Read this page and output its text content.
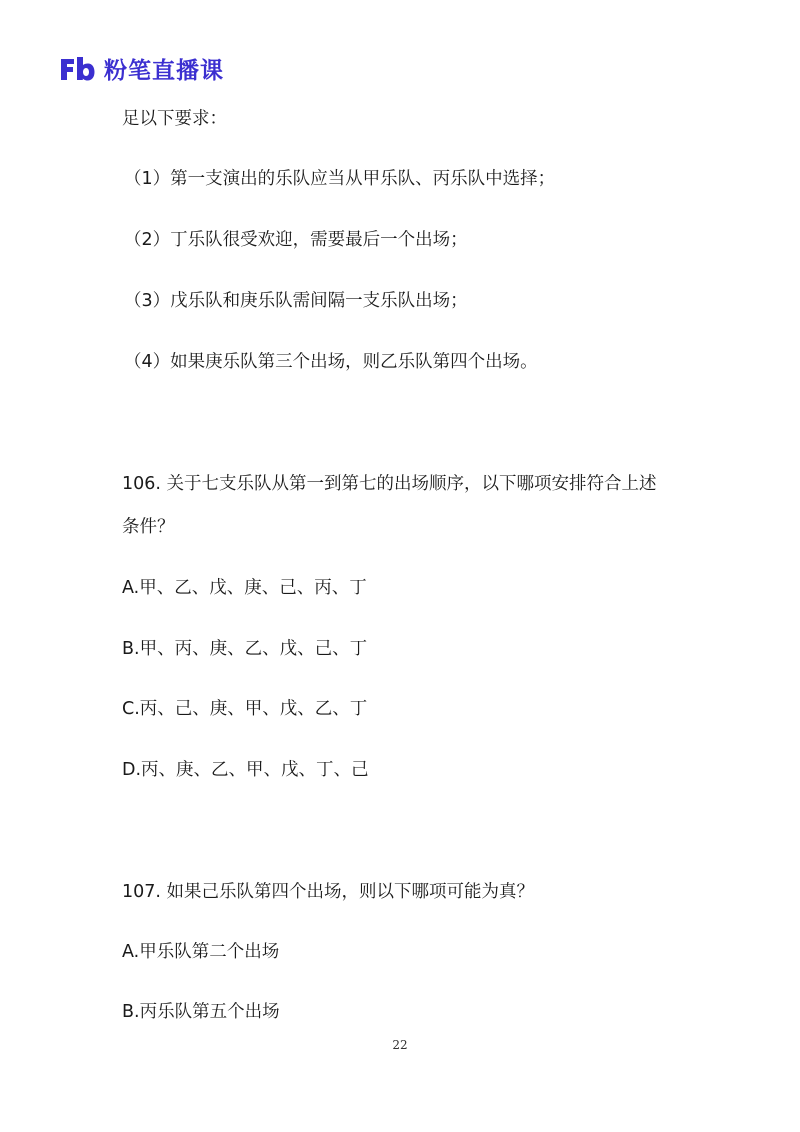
粉笔直播课

足以下要求：

（1）第一支演出的乐队应当从甲乐队、丙乐队中选择；

（2）丁乐队很受欢迎，需要最后一个出场；

（3）戊乐队和庚乐队需间隔一支乐队出场；

（4）如果庚乐队第三个出场，则乙乐队第四个出场。

106. 关于七支乐队从第一到第七的出场顺序，以下哪项安排符合上述

条件？

A.甲、乙、戊、庚、己、丙、丁

B.甲、丙、庚、乙、戊、己、丁

C.丙、己、庚、甲、戊、乙、丁

D.丙、庚、乙、甲、戊、丁、己

107. 如果己乐队第四个出场，则以下哪项可能为真？

A.甲乐队第二个出场

B.丙乐队第五个出场

22
